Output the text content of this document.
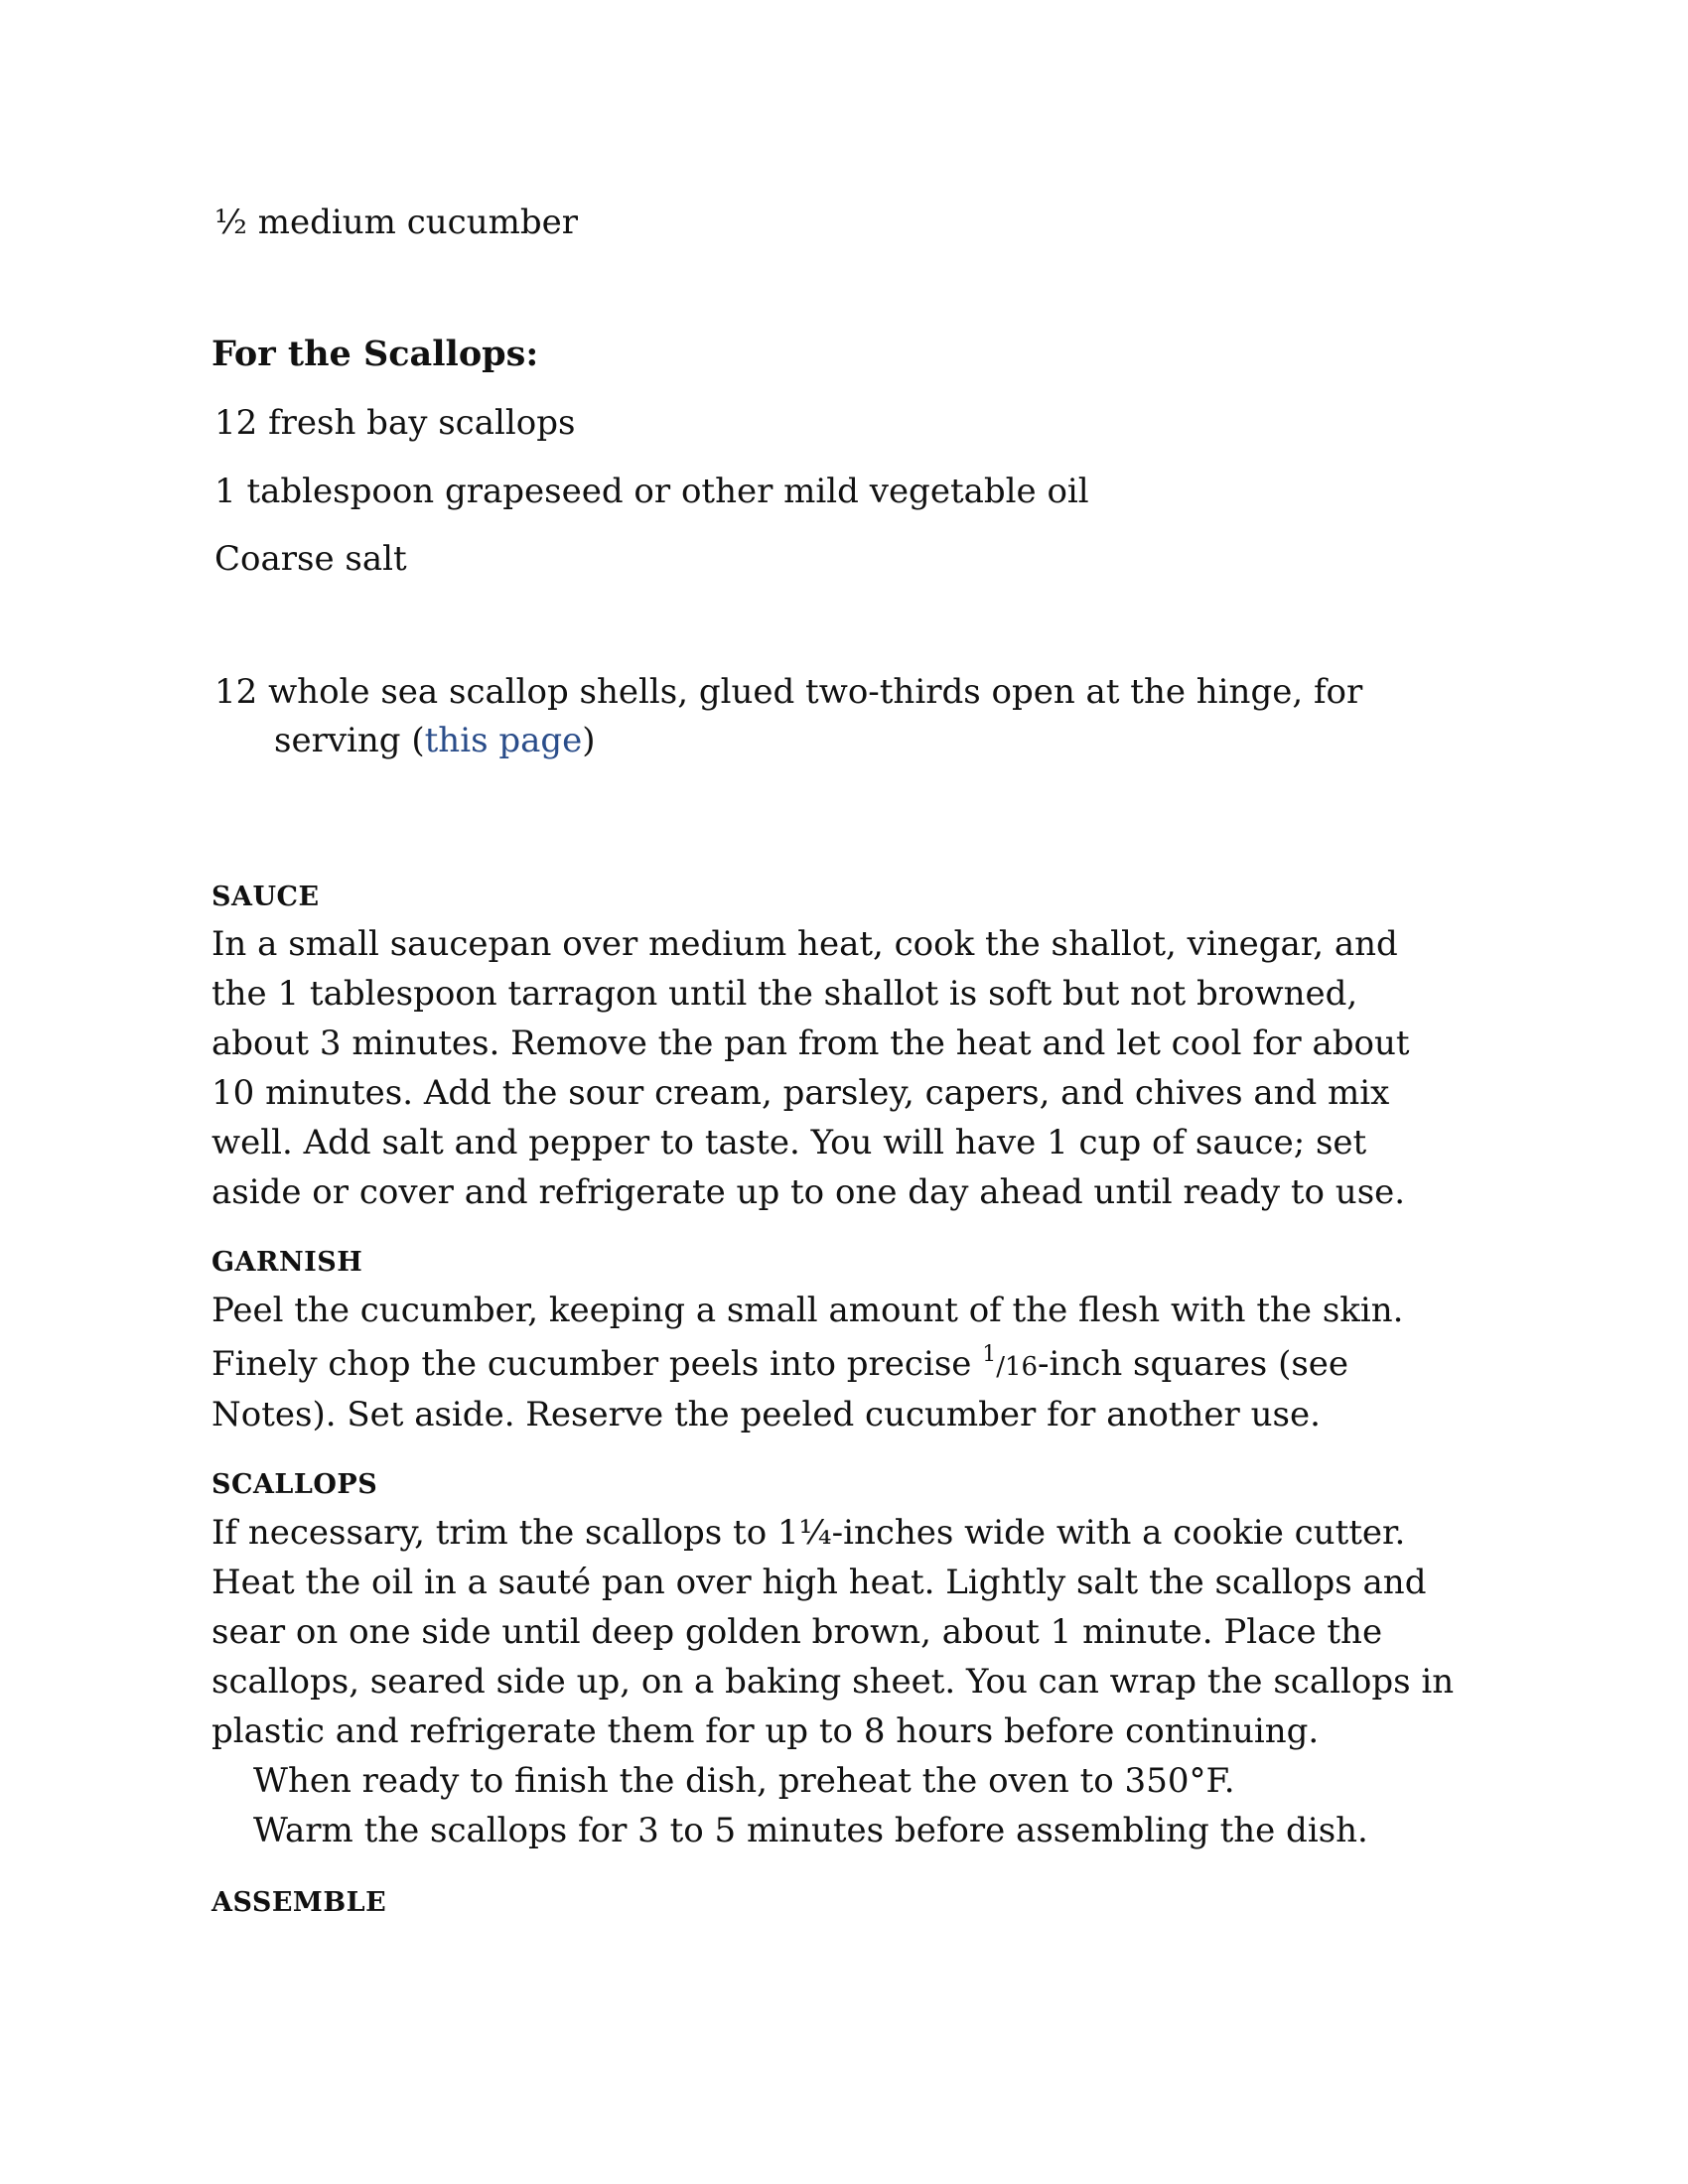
½ medium cucumber
For the Scallops:
12 fresh bay scallops
1 tablespoon grapeseed or other mild vegetable oil
Coarse salt
12 whole sea scallop shells, glued two-thirds open at the hinge, for
serving (this page)
SAUCE
In a small saucepan over medium heat, cook the shallot, vinegar, and
the 1 tablespoon tarragon until the shallot is soft but not browned,
about 3 minutes. Remove the pan from the heat and let cool for about
10 minutes. Add the sour cream, parsley, capers, and chives and mix
well. Add salt and pepper to taste. You will have 1 cup of sauce; set
aside or cover and refrigerate up to one day ahead until ready to use.
GARNISH
Peel the cucumber, keeping a small amount of the flesh with the skin.
Finely chop the cucumber peels into precise $^1$/16-inch squares (see
Notes). Set aside. Reserve the peeled cucumber for another use.
SCALLOPS
If necessary, trim the scallops to 1¼-inches wide with a cookie cutter.
Heat the oil in a sauté pan over high heat. Lightly salt the scallops and
sear on one side until deep golden brown, about 1 minute. Place the
scallops, seared side up, on a baking sheet. You can wrap the scallops in
plastic and refrigerate them for up to 8 hours before continuing.
When ready to finish the dish, preheat the oven to 350°F.
Warm the scallops for 3 to 5 minutes before assembling the dish.
ASSEMBLE
